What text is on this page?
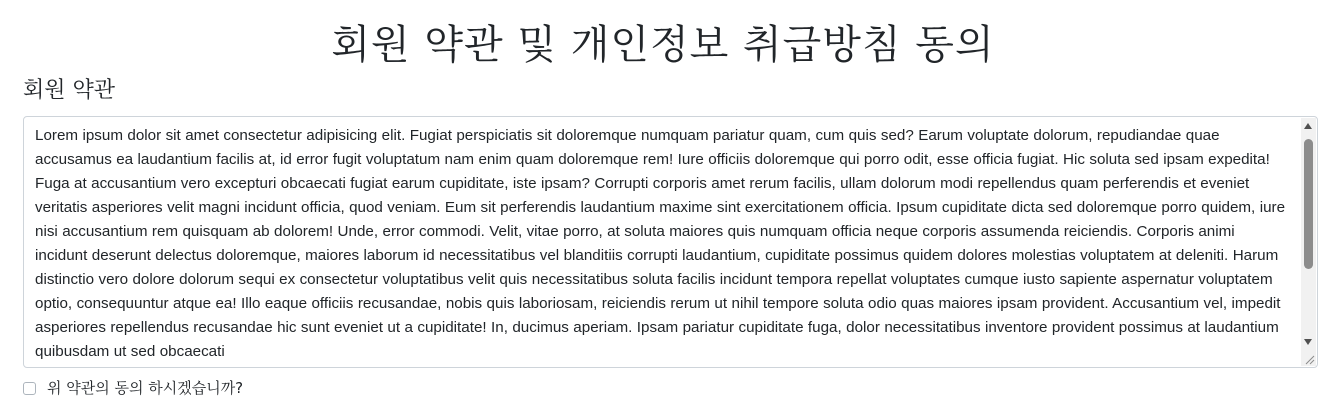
회원 약관 및 개인정보 취급방침 동의
회원 약관
Lorem ipsum dolor sit amet consectetur adipisicing elit. Fugiat perspiciatis sit doloremque numquam pariatur quam, cum quis sed? Earum voluptate dolorum, repudiandae quae accusamus ea laudantium facilis at, id error fugit voluptatum nam enim quam doloremque rem! Iure officiis doloremque qui porro odit, esse officia fugiat. Hic soluta sed ipsam expedita! Fuga at accusantium vero excepturi obcaecati fugiat earum cupiditate, iste ipsam? Corrupti corporis amet rerum facilis, ullam dolorum modi repellendus quam perferendis et eveniet veritatis asperiores velit magni incidunt officia, quod veniam. Eum sit perferendis laudantium maxime sint exercitationem officia. Ipsum cupiditate dicta sed doloremque porro quidem, iure nisi accusantium rem quisquam ab dolorem! Unde, error commodi. Velit, vitae porro, at soluta maiores quis numquam officia neque corporis assumenda reiciendis. Corporis animi incidunt deserunt delectus doloremque, maiores laborum id necessitatibus vel blanditiis corrupti laudantium, cupiditate possimus quidem dolores molestias voluptatem at deleniti. Harum distinctio vero dolore dolorum sequi ex consectetur voluptatibus velit quis necessitatibus soluta facilis incidunt tempora repellat voluptates cumque iusto sapiente aspernatur voluptatem optio, consequuntur atque ea! Illo eaque officiis recusandae, nobis quis laboriosam, reiciendis rerum ut nihil tempore soluta odio quas maiores ipsam provident. Accusantium vel, impedit asperiores repellendus recusandae hic sunt eveniet ut a cupiditate! In, ducimus aperiam. Ipsam pariatur cupiditate fuga, dolor necessitatibus inventore provident possimus at laudantium quibusdam ut sed obcaecati
위 약관의 동의 하시겠습니까?
